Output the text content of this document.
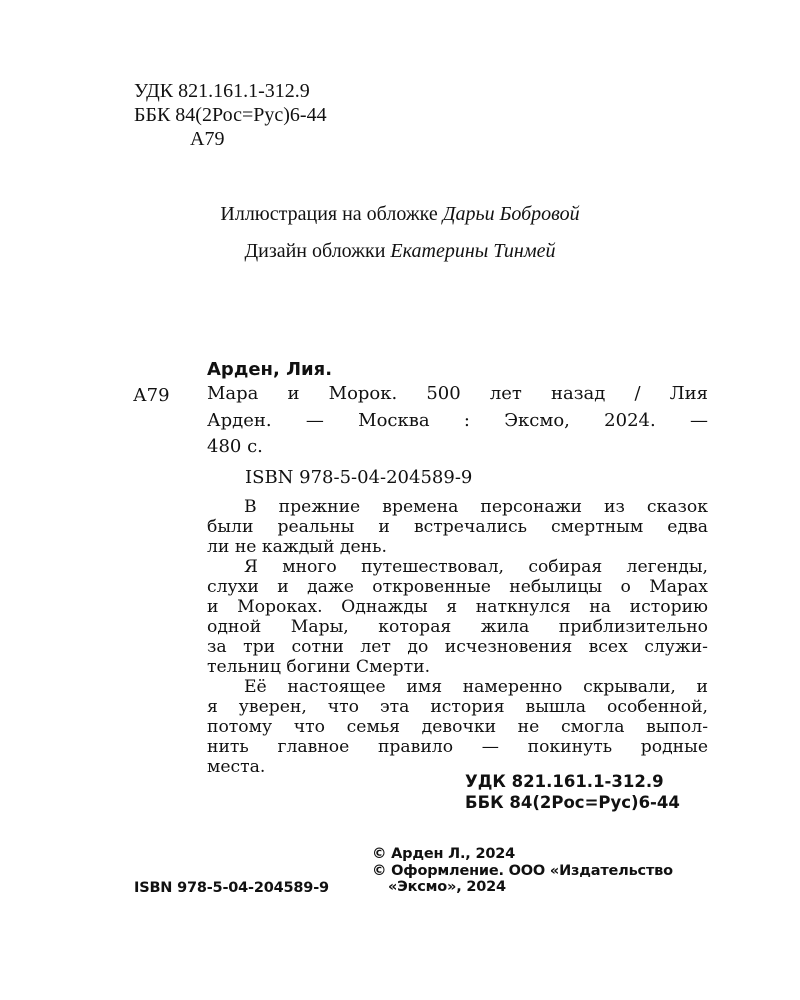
УДК 821.161.1-312.9
ББК 84(2Рос=Рус)6-44
А79
Иллюстрация на обложке Дарьи Бобровой
Дизайн обложки Екатерины Тинмей
Арден, Лия.
А79 Мара и Морок. 500 лет назад / Лия
Арден. — Москва : Эксмо, 2024. —
480 с.
ISBN 978-5-04-204589-9
В прежние времена персонажи из сказок
были реальны и встречались смертным едва
ли не каждый день.
Я много путешествовал, собирая легенды,
слухи и даже откровенные небылицы о Марах
и Мороках. Однажды я наткнулся на историю
одной Мары, которая жила приблизительно
за три сотни лет до исчезновения всех служи-
тельниц богини Смерти.
Её настоящее имя намеренно скрывали, и
я уверен, что эта история вышла особенной,
потому что семья девочки не смогла выпол-
нить главное правило — покинуть родные
места.
УДК 821.161.1-312.9
ББК 84(2Рос=Рус)6-44
© Арден Л., 2024
ISBN 978-5-04-204589-9
© Оформление. ООО «Издательство
«Эксмо», 2024
